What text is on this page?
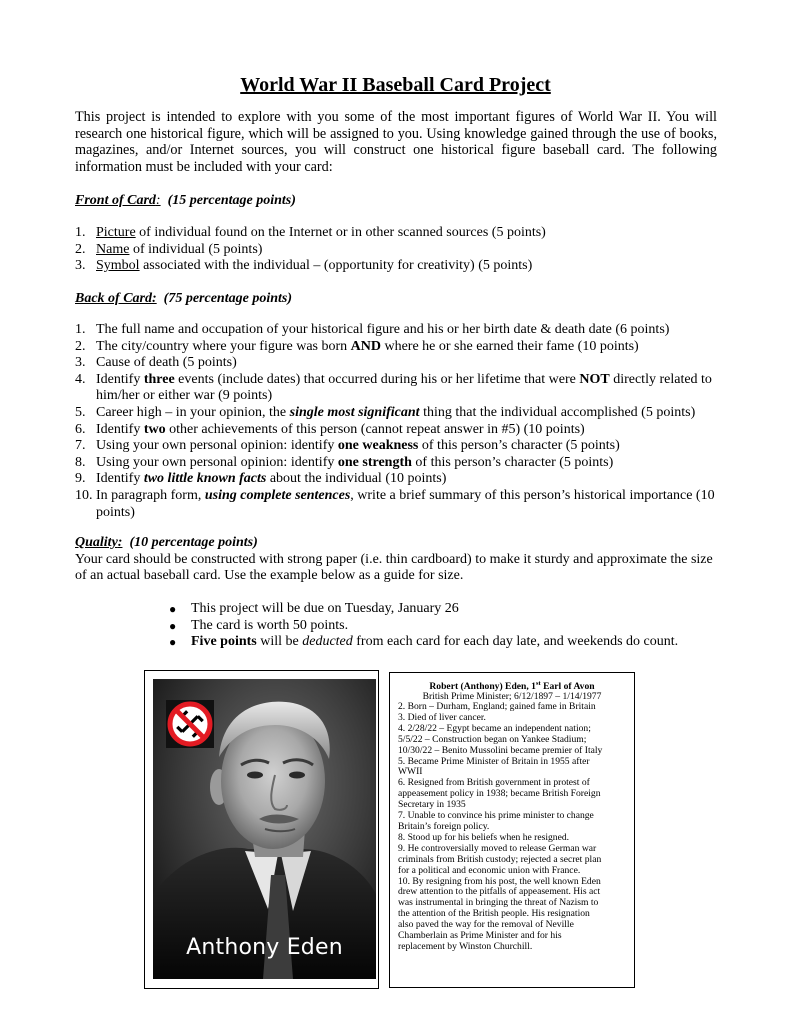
World War II Baseball Card Project

This project is intended to explore with you some of the most important figures of World War II. You will research one historical figure, which will be assigned to you. Using knowledge gained through the use of books, magazines, and/or Internet sources, you will construct one historical figure baseball card. The following information must be included with your card:

Front of Card: (15 percentage points)

1. Picture of individual found on the Internet or in other scanned sources (5 points)
2. Name of individual (5 points)
3. Symbol associated with the individual – (opportunity for creativity) (5 points)

Back of Card: (75 percentage points)

1. The full name and occupation of your historical figure and his or her birth date & death date (6 points)
2. The city/country where your figure was born AND where he or she earned their fame (10 points)
3. Cause of death (5 points)
4. Identify three events (include dates) that occurred during his or her lifetime that were NOT directly related to him/her or either war (9 points)
5. Career high – in your opinion, the single most significant thing that the individual accomplished (5 points)
6. Identify two other achievements of this person (cannot repeat answer in #5) (10 points)
7. Using your own personal opinion: identify one weakness of this person’s character (5 points)
8. Using your own personal opinion: identify one strength of this person’s character (5 points)
9. Identify two little known facts about the individual (10 points)
10. In paragraph form, using complete sentences, write a brief summary of this person’s historical importance (10 points)
Quality: (10 percentage points)
Your card should be constructed with strong paper (i.e. thin cardboard) to make it sturdy and approximate the size of an actual baseball card. Use the example below as a guide for size.
● This project will be due on Tuesday, January 26
● The card is worth 50 points.
● Five points will be deducted from each card for each day late, and weekends do count.
Anthony Eden

Robert (Anthony) Eden, 1st Earl of Avon

British Prime Minister; 6/12/1897 – 1/14/1977

2. Born – Durham, England; gained fame in Britain
3. Died of liver cancer.
4. 2/28/22 – Egypt became an independent nation;
5/5/22 – Construction began on Yankee Stadium;
10/30/22 – Benito Mussolini became premier of Italy
5. Became Prime Minister of Britain in 1955 after
WWII
6. Resigned from British government in protest of
appeasement policy in 1938; became British Foreign
Secretary in 1935
7. Unable to convince his prime minister to change
Britain’s foreign policy.
8. Stood up for his beliefs when he resigned.
9. He controversially moved to release German war
criminals from British custody; rejected a secret plan
for a political and economic union with France.
10. By resigning from his post, the well known Eden
drew attention to the pitfalls of appeasement. His act
was instrumental in bringing the threat of Nazism to
the attention of the British people. His resignation
also paved the way for the removal of Neville
Chamberlain as Prime Minister and for his
replacement by Winston Churchill.
